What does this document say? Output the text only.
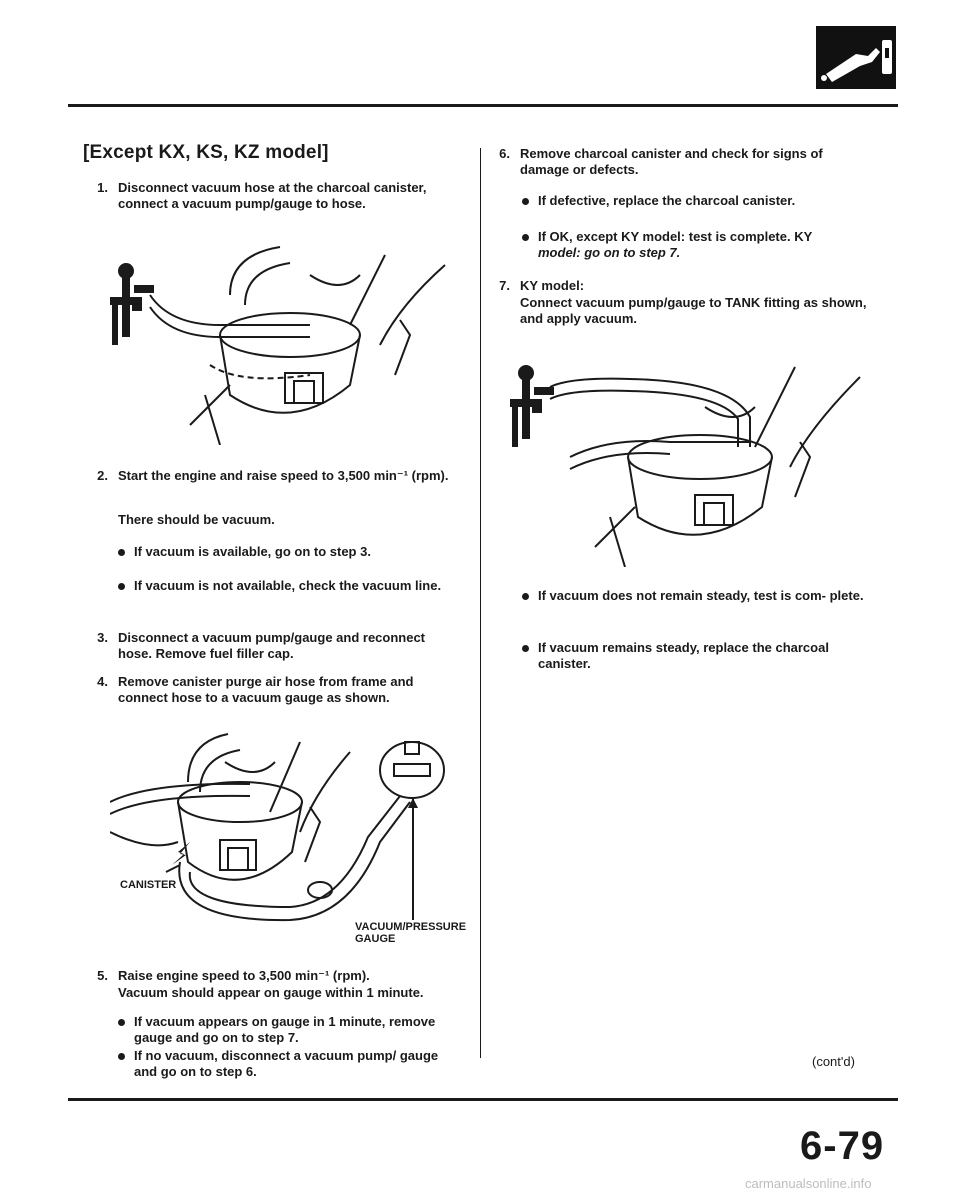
[Except KX, KS, KZ model]
1. Disconnect vacuum hose at the charcoal canister, connect a vacuum pump/gauge to hose.
2. Start the engine and raise speed to 3,500 min⁻¹ (rpm).
There should be vacuum.
If vacuum is available, go on to step 3.
If vacuum is not available, check the vacuum line.
3. Disconnect a vacuum pump/gauge and reconnect hose. Remove fuel filler cap.
4. Remove canister purge air hose from frame and connect hose to a vacuum gauge as shown.
CANISTER
VACUUM/PRESSURE GAUGE
5. Raise engine speed to 3,500 min⁻¹ (rpm).
Vacuum should appear on gauge within 1 minute.
If vacuum appears on gauge in 1 minute, remove gauge and go on to step 7.
If no vacuum, disconnect a vacuum pump/ gauge and go on to step 6.
6. Remove charcoal canister and check for signs of damage or defects.
If defective, replace the charcoal canister.
If OK, except KY model: test is complete. KY
model: go on to step 7.
7. KY model:
Connect vacuum pump/gauge to TANK fitting as shown, and apply vacuum.
If vacuum does not remain steady, test is com- plete.
If vacuum remains steady, replace the charcoal canister.
(cont'd)
6-79
carmanualsonline.info
